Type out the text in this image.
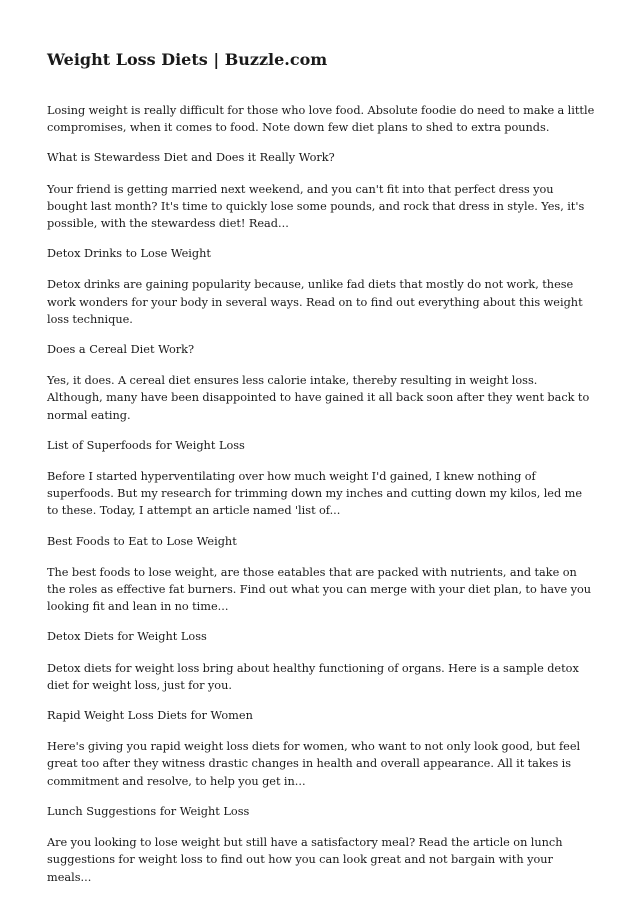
Weight Loss Diets | Buzzle.com
Losing weight is really difficult for those who love food. Absolute foodie do need to make a little compromises, when it comes to food. Note down few diet plans to shed to extra pounds.
What is Stewardess Diet and Does it Really Work?
Your friend is getting married next weekend, and you can't fit into that perfect dress you bought last month? It's time to quickly lose some pounds, and rock that dress in style. Yes, it's possible, with the stewardess diet! Read...
Detox Drinks to Lose Weight
Detox drinks are gaining popularity because, unlike fad diets that mostly do not work, these work wonders for your body in several ways. Read on to find out everything about this weight loss technique.
Does a Cereal Diet Work?
Yes, it does. A cereal diet ensures less calorie intake, thereby resulting in weight loss. Although, many have been disappointed to have gained it all back soon after they went back to normal eating.
List of Superfoods for Weight Loss
Before I started hyperventilating over how much weight I'd gained, I knew nothing of superfoods. But my research for trimming down my inches and cutting down my kilos, led me to these. Today, I attempt an article named 'list of...
Best Foods to Eat to Lose Weight
The best foods to lose weight, are those eatables that are packed with nutrients, and take on the roles as effective fat burners. Find out what you can merge with your diet plan, to have you looking fit and lean in no time...
Detox Diets for Weight Loss
Detox diets for weight loss bring about healthy functioning of organs. Here is a sample detox diet for weight loss, just for you.
Rapid Weight Loss Diets for Women
Here's giving you rapid weight loss diets for women, who want to not only look good, but feel great too after they witness drastic changes in health and overall appearance. All it takes is commitment and resolve, to help you get in...
Lunch Suggestions for Weight Loss
Are you looking to lose weight but still have a satisfactory meal? Read the article on lunch suggestions for weight loss to find out how you can look great and not bargain with your meals...
